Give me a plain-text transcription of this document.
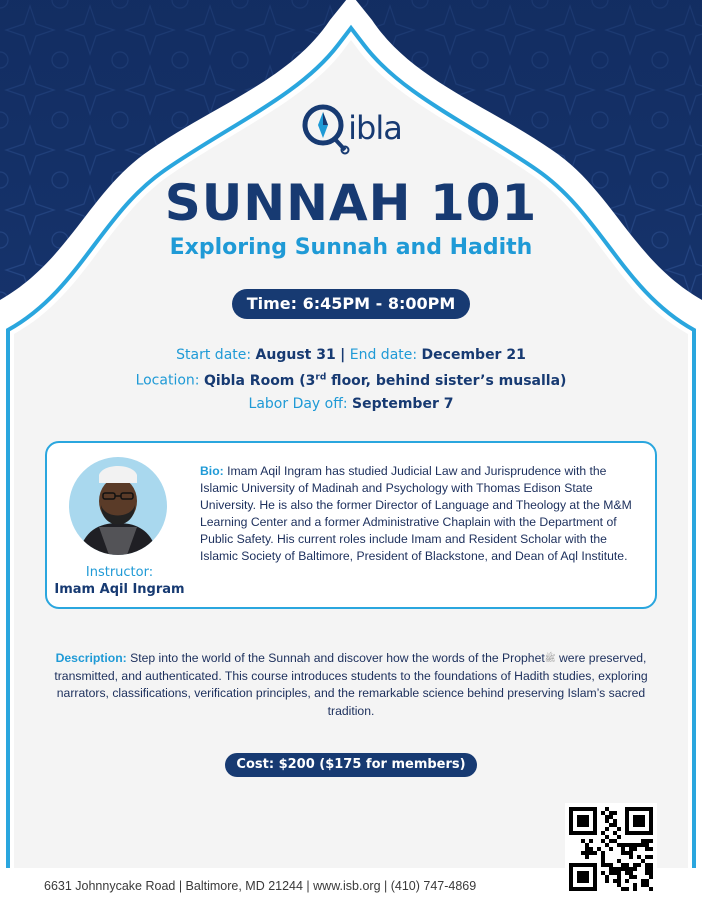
ibla
SUNNAH 101
Exploring Sunnah and Hadith
Time: 6:45PM - 8:00PM
Start date: August 31 | End date: December 21
Location: Qibla Room (3rd floor, behind sister’s musalla)
Labor Day off: September 7
Instructor:
Imam Aqil Ingram
Bio: Imam Aqil Ingram has studied Judicial Law and Jurisprudence with the Islamic University of Madinah and Psychology with Thomas Edison State University. He is also the former Director of Language and Theology at the M&M Learning Center and a former Administrative Chaplain with the Department of Public Safety. His current roles include Imam and Resident Scholar with the Islamic Society of Baltimore, President of Blackstone, and Dean of Aql Institute.
Description: Step into the world of the Sunnah and discover how the words of the Prophetﷺ were preserved, transmitted, and authenticated. This course introduces students to the foundations of Hadith studies, exploring narrators, classifications, verification principles, and the remarkable science behind preserving Islam’s sacred tradition.
Cost: $200 ($175 for members)
6631 Johnnycake Road | Baltimore, MD 21244 | www.isb.org | (410) 747-4869
